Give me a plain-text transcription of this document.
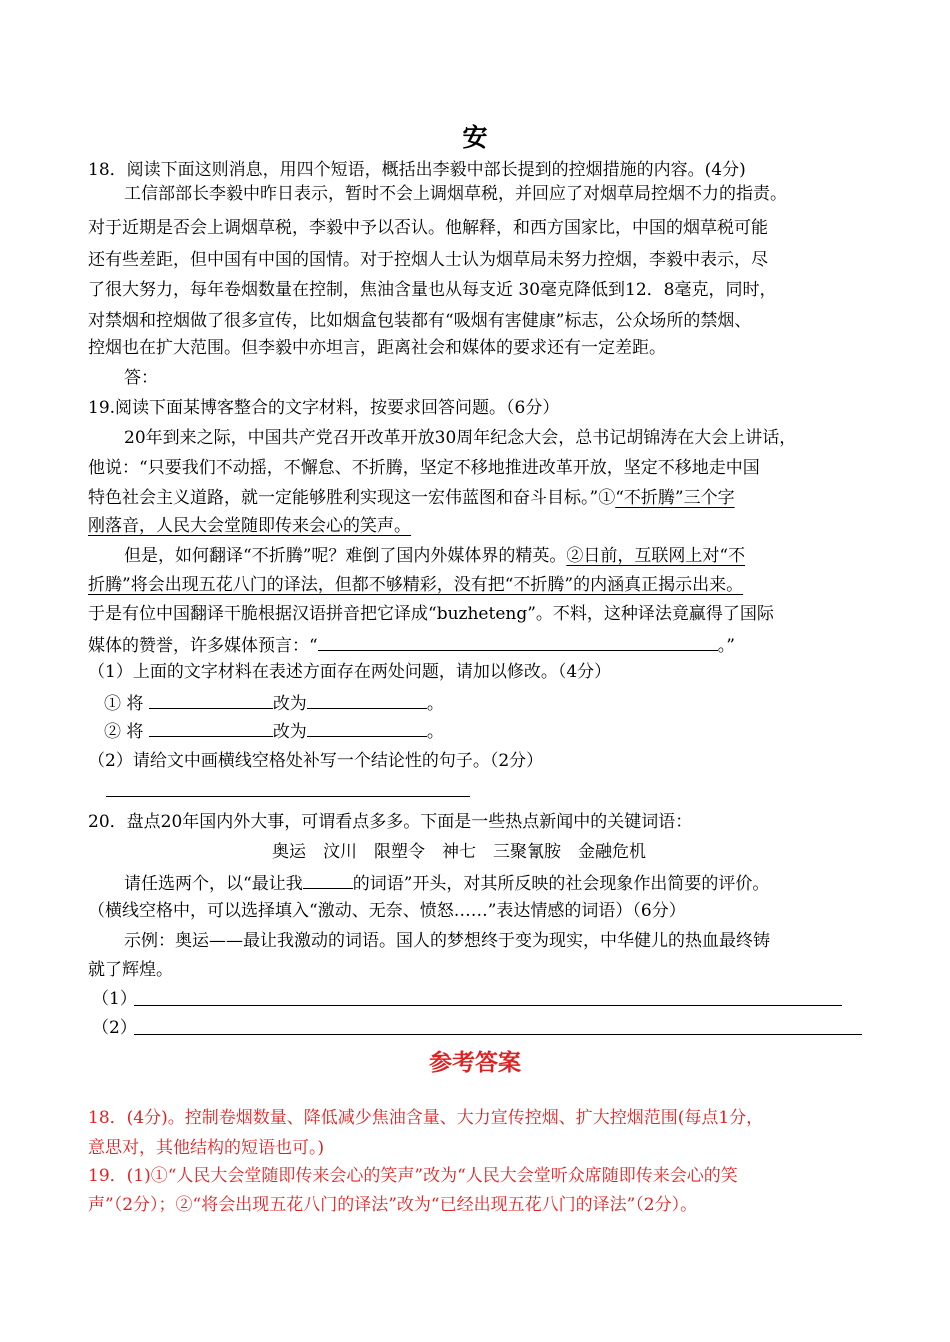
安
18．阅读下面这则消息，用四个短语，概括出李毅中部长提到的控烟措施的内容。(4分)
工信部部长李毅中昨日表示，暂时不会上调烟草税，并回应了对烟草局控烟不力的指责。
对于近期是否会上调烟草税，李毅中予以否认。他解释，和西方国家比，中国的烟草税可能
还有些差距，但中国有中国的国情。对于控烟人士认为烟草局未努力控烟，李毅中表示，尽
了很大努力，每年卷烟数量在控制，焦油含量也从每支近 30毫克降低到12．8毫克，同时，
对禁烟和控烟做了很多宣传，比如烟盒包装都有“吸烟有害健康”标志，公众场所的禁烟、
控烟也在扩大范围。但李毅中亦坦言，距离社会和媒体的要求还有一定差距。
答：
19.阅读下面某博客整合的文字材料，按要求回答问题。（6分）
20年到来之际，中国共产党召开改革开放30周年纪念大会，总书记胡锦涛在大会上讲话，
他说：“只要我们不动摇，不懈怠、不折腾，坚定不移地推进改革开放，坚定不移地走中国
特色社会主义道路，就一定能够胜利实现这一宏伟蓝图和奋斗目标。”①“不折腾”三个字
刚落音，人民大会堂随即传来会心的笑声。
但是，如何翻译“不折腾”呢？难倒了国内外媒体界的精英。②日前，互联网上对“不
折腾”将会出现五花八门的译法，但都不够精彩，没有把“不折腾”的内涵真正揭示出来。
于是有位中国翻译干脆根据汉语拼音把它译成“buzheteng”。不料，这种译法竟赢得了国际
媒体的赞誉，许多媒体预言：“	。”
（1）上面的文字材料在表述方面存在两处问题，请加以修改。（4分）
① 将	改为	。
② 将	改为	。
（2）请给文中画横线空格处补写一个结论性的句子。（2分）
20．盘点20年国内外大事，可谓看点多多。下面是一些热点新闻中的关键词语：
奥运　汶川　限塑令　神七　三聚氰胺　金融危机
请任选两个，以“最让我	的词语”开头，对其所反映的社会现象作出简要的评价。
（横线空格中，可以选择填入“激动、无奈、愤怒……”表达情感的词语）（6分）
示例：奥运——最让我激动的词语。国人的梦想终于变为现实，中华健儿的热血最终铸
就了辉煌。
（1）
（2）
参考答案
18．(4分)。控制卷烟数量、降低减少焦油含量、大力宣传控烟、扩大控烟范围(每点1分，
意思对，其他结构的短语也可。)
19．(1)①“人民大会堂随即传来会心的笑声”改为“人民大会堂听众席随即传来会心的笑
声”（2分）；②“将会出现五花八门的译法”改为“已经出现五花八门的译法”（2分）。
